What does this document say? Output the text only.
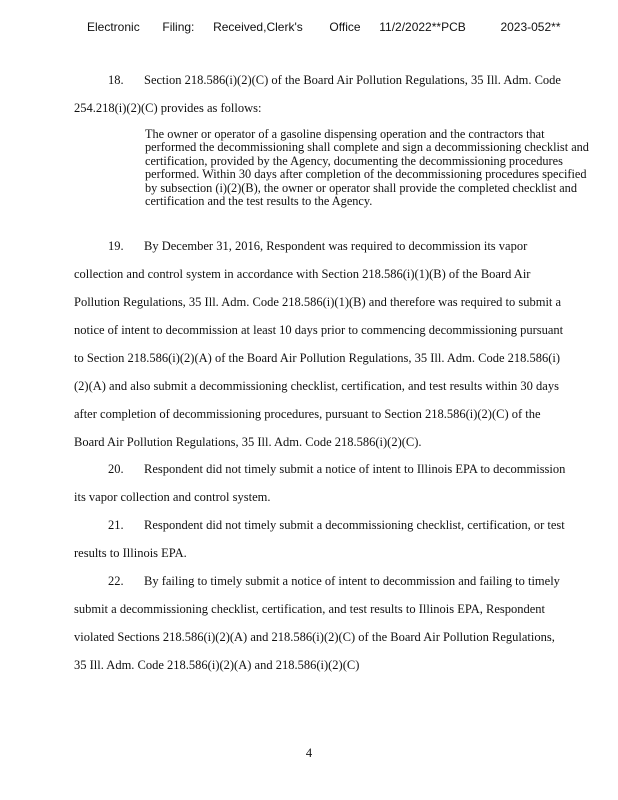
Electronic Filing: Received,Clerk's Office 11/2/2022**PCB	2023-052**
18. Section 218.586(i)(2)(C) of the Board Air Pollution Regulations, 35 Ill. Adm. Code 254.218(i)(2)(C) provides as follows:
The owner or operator of a gasoline dispensing operation and the contractors that performed the decommissioning shall complete and sign a decommissioning checklist and certification, provided by the Agency, documenting the decommissioning procedures performed. Within 30 days after completion of the decommissioning procedures specified by subsection (i)(2)(B), the owner or operator shall provide the completed checklist and certification and the test results to the Agency.
19. By December 31, 2016, Respondent was required to decommission its vapor collection and control system in accordance with Section 218.586(i)(1)(B) of the Board Air Pollution Regulations, 35 Ill. Adm. Code 218.586(i)(1)(B) and therefore was required to submit a notice of intent to decommission at least 10 days prior to commencing decommissioning pursuant to Section 218.586(i)(2)(A) of the Board Air Pollution Regulations, 35 Ill. Adm. Code 218.586(i)(2)(A) and also submit a decommissioning checklist, certification, and test results within 30 days after completion of decommissioning procedures, pursuant to Section 218.586(i)(2)(C) of the Board Air Pollution Regulations, 35 Ill. Adm. Code 218.586(i)(2)(C).
20. Respondent did not timely submit a notice of intent to Illinois EPA to decommission its vapor collection and control system.
21. Respondent did not timely submit a decommissioning checklist, certification, or test results to Illinois EPA.
22. By failing to timely submit a notice of intent to decommission and failing to timely submit a decommissioning checklist, certification, and test results to Illinois EPA, Respondent violated Sections 218.586(i)(2)(A) and 218.586(i)(2)(C) of the Board Air Pollution Regulations, 35 Ill. Adm. Code 218.586(i)(2)(A) and 218.586(i)(2)(C)
4
